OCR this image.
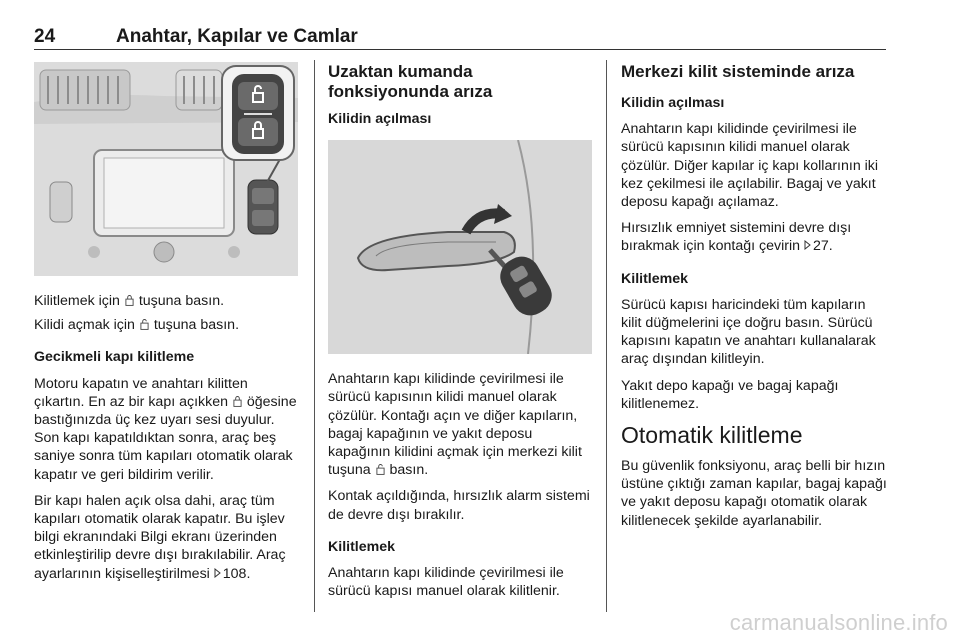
24	Anahtar, Kapılar ve Camlar

Kilitlemek için tuşuna basın.

Kilidi açmak için tuşuna basın.

Gecikmeli kapı kilitleme

Motoru kapatın ve anahtarı kilitten çıkartın. En az bir kapı açıkken öğesine bastığınızda üç kez uyarı sesi duyulur. Son kapı kapatıldıktan sonra, araç beş saniye sonra tüm kapıları otomatik olarak kapatır ve geri bildirim verilir.

Bir kapı halen açık olsa dahi, araç tüm kapıları otomatik olarak kapatır. Bu işlev bilgi ekranındaki Bilgi ekranı üzerinden etkinleştirilip devre dışı bırakılabilir. Araç ayarlarının kişiselleştirilmesi 108.

Uzaktan kumanda fonksiyonunda arıza

Kilidin açılması

Anahtarın kapı kilidinde çevirilmesi ile sürücü kapısının kilidi manuel olarak çözülür. Kontağı açın ve diğer kapıların, bagaj kapağının ve yakıt deposu kapağının kilidini açmak için merkezi kilit tuşuna basın.

Kontak açıldığında, hırsızlık alarm sistemi de devre dışı bırakılır.

Kilitlemek

Anahtarın kapı kilidinde çevirilmesi ile sürücü kapısı manuel olarak kilitlenir.

Merkezi kilit sisteminde arıza

Kilidin açılması

Anahtarın kapı kilidinde çevirilmesi ile sürücü kapısının kilidi manuel olarak çözülür. Diğer kapılar iç kapı kollarının iki kez çekilmesi ile açılabilir. Bagaj ve yakıt deposu kapağı açılamaz.

Hırsızlık emniyet sistemini devre dışı bırakmak için kontağı çevirin 27.

Kilitlemek

Sürücü kapısı haricindeki tüm kapıların kilit düğmelerini içe doğru basın. Sürücü kapısını kapatın ve anahtarı kullanalarak araç dışından kilitleyin.

Yakıt depo kapağı ve bagaj kapağı kilitlenemez.

Otomatik kilitleme

Bu güvenlik fonksiyonu, araç belli bir hızın üstüne çıktığı zaman kapılar, bagaj kapağı ve yakıt deposu kapağı otomatik olarak kilitlenecek şekilde ayarlanabilir.

carmanualsonline.info
